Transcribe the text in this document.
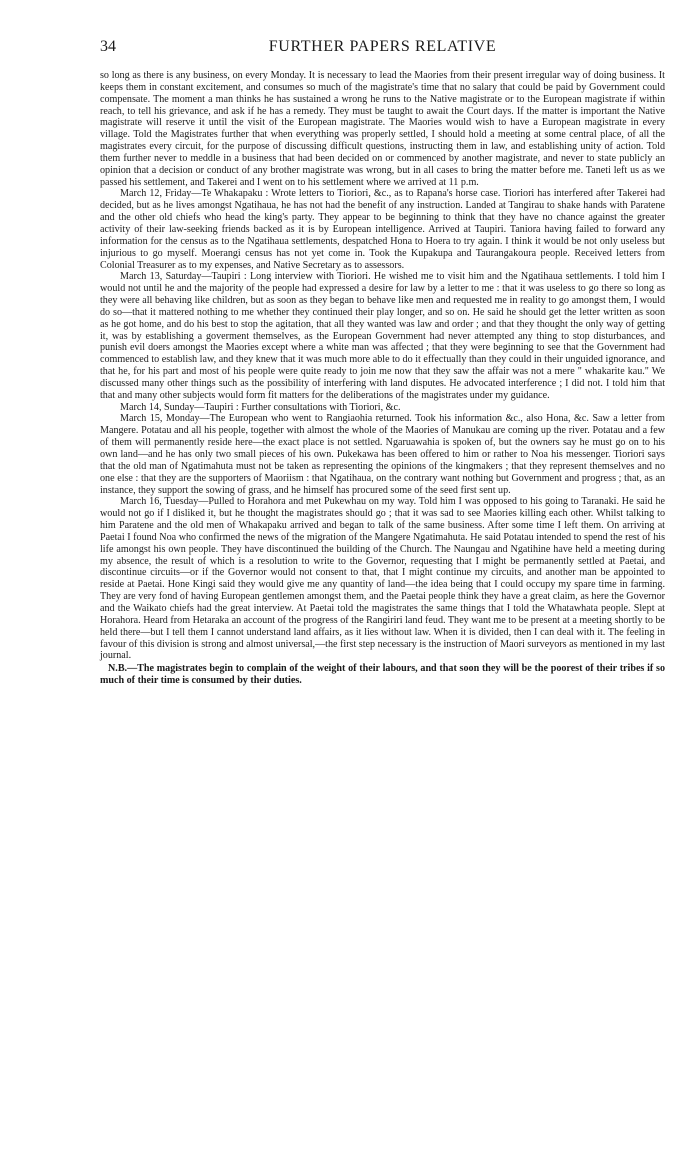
34	FURTHER PAPERS RELATIVE

so long as there is any business, on every Monday. It is necessary to lead the Maories from their present irregular way of doing business. It keeps them in constant excitement, and consumes so much of the magistrate's time that no salary that could be paid by Government could compensate. The moment a man thinks he has sustained a wrong he runs to the Native magistrate or to the European magistrate if within reach, to tell his grievance, and ask if he has a remedy. They must be taught to await the Court days. If the matter is important the Native magistrate will reserve it until the visit of the European magistrate. The Maories would wish to have a European magistrate in every village. Told the Magistrates further that when everything was properly settled, I should hold a meeting at some central place, of all the magistrates every circuit, for the purpose of discussing difficult questions, instructing them in law, and establishing unity of action. Told them further never to meddle in a business that had been decided on or commenced by another magistrate, and never to state publicly an opinion that a decision or conduct of any brother magistrate was wrong, but in all cases to bring the matter before me. Taneti left us as we passed his settlement, and Takerei and I went on to his settlement where we arrived at 11 p.m.

March 12, Friday—Te Whakapaku : Wrote letters to Tioriori, &c., as to Rapana's horse case. Tioriori has interfered after Takerei had decided, but as he lives amongst Ngatihaua, he has not had the benefit of any instruction. Landed at Tangirau to shake hands with Paratene and the other old chiefs who head the king's party. They appear to be beginning to think that they have no chance against the greater activity of their law-seeking friends backed as it is by European intelligence. Arrived at Taupiri. Taniora having failed to forward any information for the census as to the Ngatihaua settlements, despatched Hona to Hoera to try again. I think it would be not only useless but injurious to go myself. Moerangi census has not yet come in. Took the Kupakupa and Taurangakoura people. Received letters from Colonial Treasurer as to my expenses, and Native Secretary as to assessors.

March 13, Saturday—Taupiri : Long interview with Tioriori. He wished me to visit him and the Ngatihaua settlements. I told him I would not until he and the majority of the people had expressed a desire for law by a letter to me : that it was useless to go there so long as they were all behaving like children, but as soon as they began to behave like men and requested me in reality to go amongst them, I would do so—that it mattered nothing to me whether they continued their play longer, and so on. He said he should get the letter written as soon as he got home, and do his best to stop the agitation, that all they wanted was law and order ; and that they thought the only way of getting it, was by establishing a goverment themselves, as the European Government had never attempted any thing to stop disturbances, and punish evil doers amongst the Maories except where a white man was affected ; that they were beginning to see that the Government had commenced to establish law, and they knew that it was much more able to do it effectually than they could in their unguided ignorance, and that he, for his part and most of his people were quite ready to join me now that they saw the affair was not a mere " whakarite kau." We discussed many other things such as the possibility of interfering with land disputes. He advocated interference ; I did not. I told him that that and many other subjects would form fit matters for the deliberations of the magistrates under my guidance.

March 14, Sunday—Taupiri : Further consultations with Tioriori, &c.

March 15, Monday—The European who went to Rangiaohia returned. Took his information &c., also Hona, &c. Saw a letter from Mangere. Potatau and all his people, together with almost the whole of the Maories of Manukau are coming up the river. Potatau and a few of them will permanently reside here—the exact place is not settled. Ngaruawahia is spoken of, but the owners say he must go on to his own land—and he has only two small pieces of his own. Pukekawa has been offered to him or rather to Noa his messenger. Tioriori says that the old man of Ngatimahuta must not be taken as representing the opinions of the kingmakers ; that they represent themselves and no one else : that they are the supporters of Maoriism : that Ngatihaua, on the contrary want nothing but Government and progress ; that, as an instance, they support the sowing of grass, and he himself has procured some of the seed first sent up.

March 16, Tuesday—Pulled to Horahora and met Pukewhau on my way. Told him I was opposed to his going to Taranaki. He said he would not go if I disliked it, but he thought the magistrates should go ; that it was sad to see Maories killing each other. Whilst talking to him Paratene and the old men of Whakapaku arrived and began to talk of the same business. After some time I left them. On arriving at Paetai I found Noa who confirmed the news of the migration of the Mangere Ngatimahuta. He said Potatau intended to spend the rest of his life amongst his own people. They have discontinued the building of the Church. The Naungau and Ngatihine have held a meeting during my absence, the result of which is a resolution to write to the Governor, requesting that I might be permanently settled at Paetai, and discontinue circuits—or if the Governor would not consent to that, that I might continue my circuits, and another man be appointed to reside at Paetai. Hone Kingi said they would give me any quantity of land—the idea being that I could occupy my spare time in farming. They are very fond of having European gentlemen amongst them, and the Paetai people think they have a great claim, as here the Governor and the Waikato chiefs had the great interview. At Paetai told the magistrates the same things that I told the Whatawhata people. Slept at Horahora. Heard from Hetaraka an account of the progress of the Rangiriri land feud. They want me to be present at a meeting shortly to be held there—but I tell them I cannot understand land affairs, as it lies without law. When it is divided, then I can deal with it. The feeling in favour of this division is strong and almost universal,—the first step necessary is the instruction of Maori surveyors as mentioned in my last journal.

N.B.—The magistrates begin to complain of the weight of their labours, and that soon they will be the poorest of their tribes if so much of their time is consumed by their duties.
